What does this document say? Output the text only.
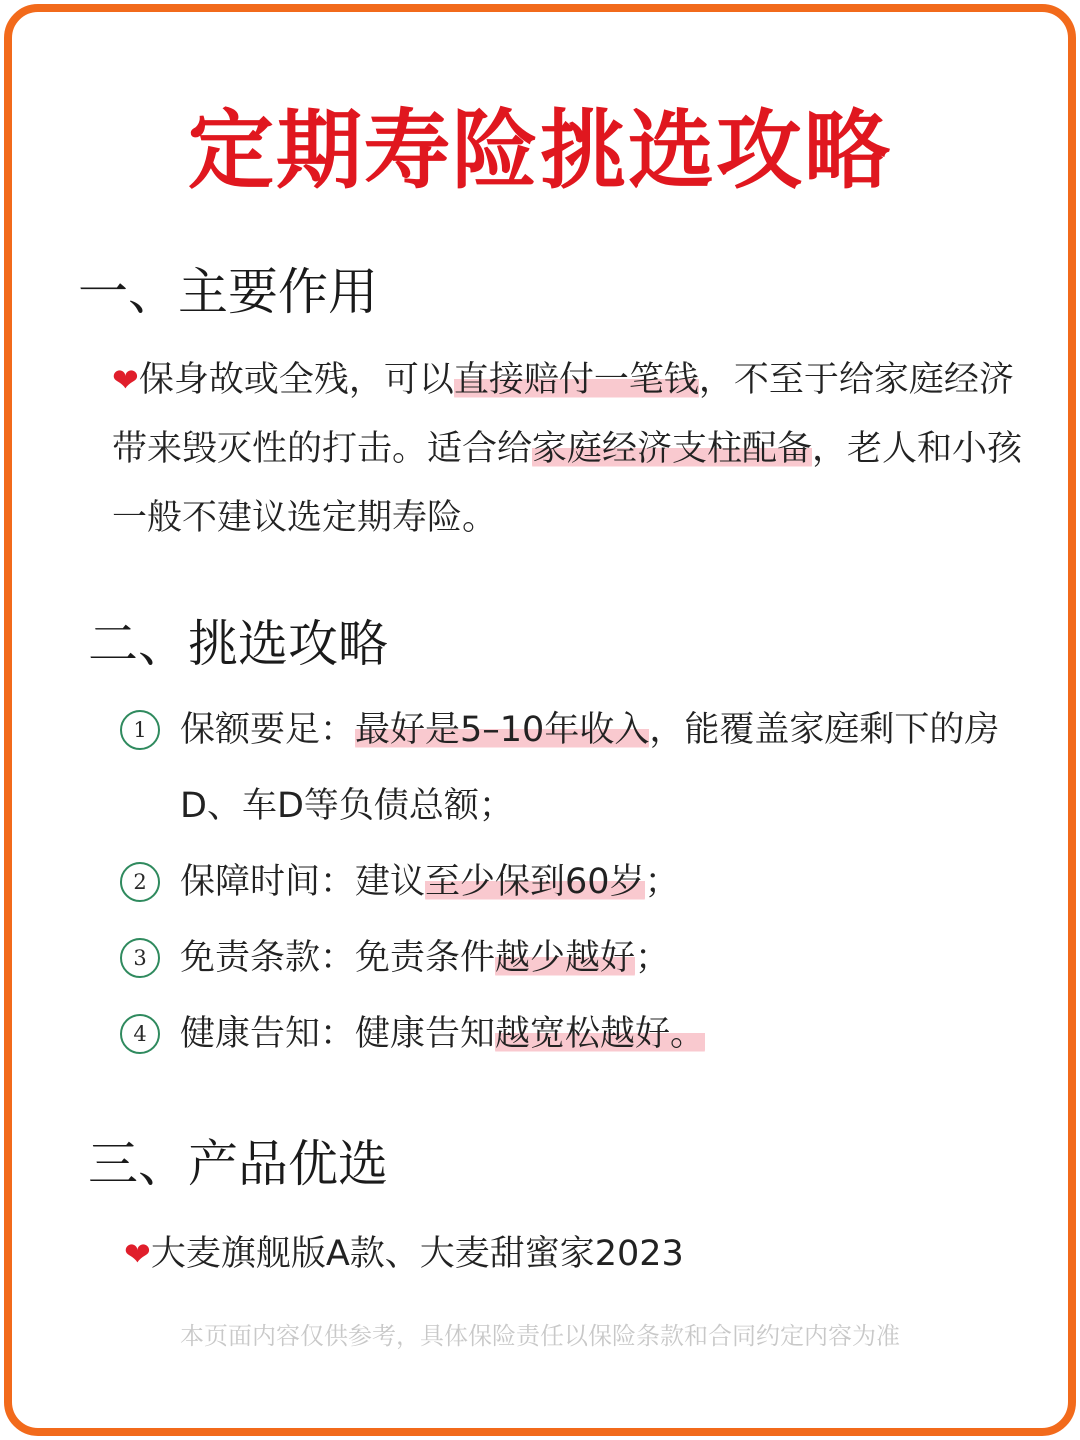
定期寿险挑选攻略
一、主要作用
❤保身故或全残，可以直接赔付一笔钱，不至于给家庭经济带来毁灭性的打击。适合给家庭经济支柱配备，老人和小孩一般不建议选定期寿险。
二、挑选攻略
1 保额要足：最好是5–10年收入，能覆盖家庭剩下的房D、车D等负债总额；
2 保障时间：建议至少保到60岁；
3 免责条款：免责条件越少越好；
4 健康告知：健康告知越宽松越好。
三、产品优选
❤大麦旗舰版A款、大麦甜蜜家2023
本页面内容仅供参考，具体保险责任以保险条款和合同约定内容为准
